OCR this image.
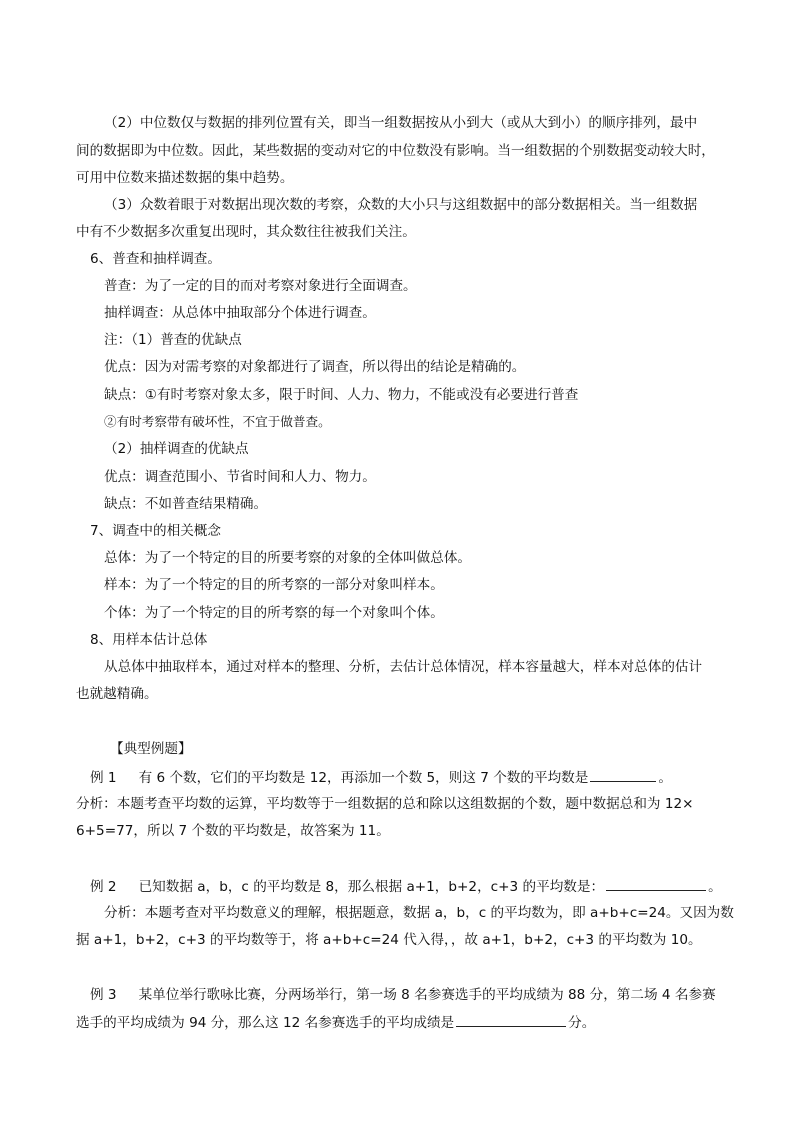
（2）中位数仅与数据的排列位置有关，即当一组数据按从小到大（或从大到小）的顺序排列，最中
间的数据即为中位数。因此，某些数据的变动对它的中位数没有影响。当一组数据的个别数据变动较大时，
可用中位数来描述数据的集中趋势。
（3）众数着眼于对数据出现次数的考察，众数的大小只与这组数据中的部分数据相关。当一组数据
中有不少数据多次重复出现时，其众数往往被我们关注。
6、普查和抽样调查。
普查：为了一定的目的而对考察对象进行全面调查。
抽样调查：从总体中抽取部分个体进行调查。
注：（1）普查的优缺点
优点：因为对需考察的对象都进行了调查，所以得出的结论是精确的。
缺点：①有时考察对象太多，限于时间、人力、物力，不能或没有必要进行普查
②有时考察带有破坏性，不宜于做普查。
（2）抽样调查的优缺点
优点：调查范围小、节省时间和人力、物力。
缺点：不如普查结果精确。
7、调查中的相关概念
总体：为了一个特定的目的所要考察的对象的全体叫做总体。
样本：为了一个特定的目的所考察的一部分对象叫样本。
个体：为了一个特定的目的所考察的每一个对象叫个体。
8、用样本估计总体
从总体中抽取样本，通过对样本的整理、分析，去估计总体情况，样本容量越大，样本对总体的估计
也就越精确。
【典型例题】
例 1 有 6 个数，它们的平均数是 12，再添加一个数 5，则这 7 个数的平均数是	。
分析：本题考查平均数的运算，平均数等于一组数据的总和除以这组数据的个数，题中数据总和为 12×
6+5=77，所以 7 个数的平均数是，故答案为 11。
例 2 已知数据 a，b，c 的平均数是 8，那么根据 a+1，b+2，c+3 的平均数是：	。
分析：本题考查对平均数意义的理解，根据题意，数据 a，b，c 的平均数为，即 a+b+c=24。又因为数
据 a+1，b+2，c+3 的平均数等于，将 a+b+c=24 代入得，，故 a+1，b+2，c+3 的平均数为 10。
例 3 某单位举行歌咏比赛，分两场举行，第一场 8 名参赛选手的平均成绩为 88 分，第二场 4 名参赛
选手的平均成绩为 94 分，那么这 12 名参赛选手的平均成绩是	分。
